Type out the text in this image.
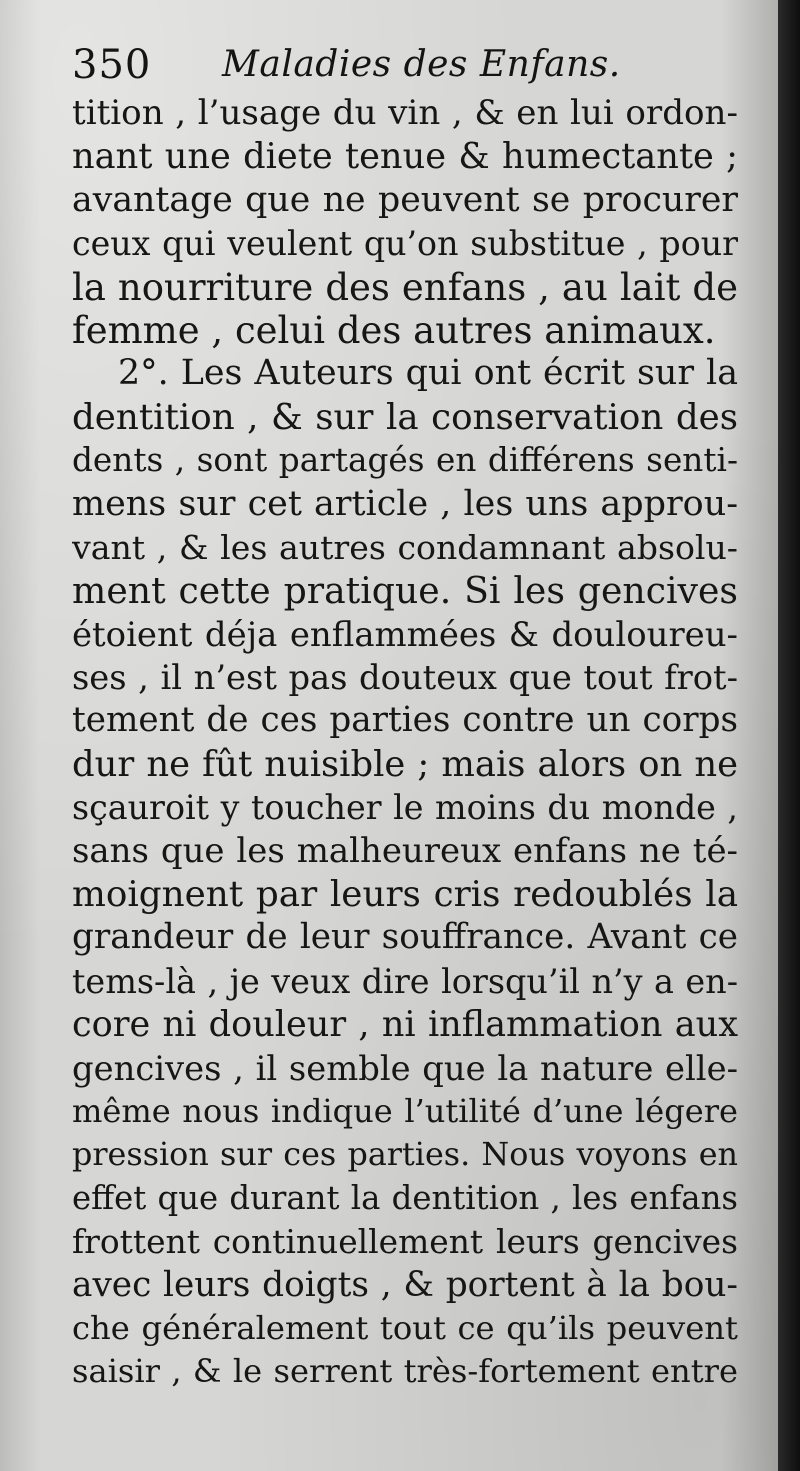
350 Maladies des Enfans.
tition , l’usage du vin , & en lui ordon-
nant une diete tenue & humectante ;
avantage que ne peuvent se procurer
ceux qui veulent qu’on substitue , pour
la nourriture des enfans , au lait de
femme , celui des autres animaux.
2°. Les Auteurs qui ont écrit sur la
dentition , & sur la conservation des
dents , sont partagés en différens senti-
mens sur cet article , les uns approu-
vant , & les autres condamnant absolu-
ment cette pratique. Si les gencives
étoient déja enflammées & douloureu-
ses , il n’est pas douteux que tout frot-
tement de ces parties contre un corps
dur ne fût nuisible ; mais alors on ne
sçauroit y toucher le moins du monde ,
sans que les malheureux enfans ne té-
moignent par leurs cris redoublés la
grandeur de leur souffrance. Avant ce
tems-là , je veux dire lorsqu’il n’y a en-
core ni douleur , ni inflammation aux
gencives , il semble que la nature elle-
même nous indique l’utilité d’une légere
pression sur ces parties. Nous voyons en
effet que durant la dentition , les enfans
frottent continuellement leurs gencives
avec leurs doigts , & portent à la bou-
che généralement tout ce qu’ils peuvent
saisir , & le serrent très-fortement entre
